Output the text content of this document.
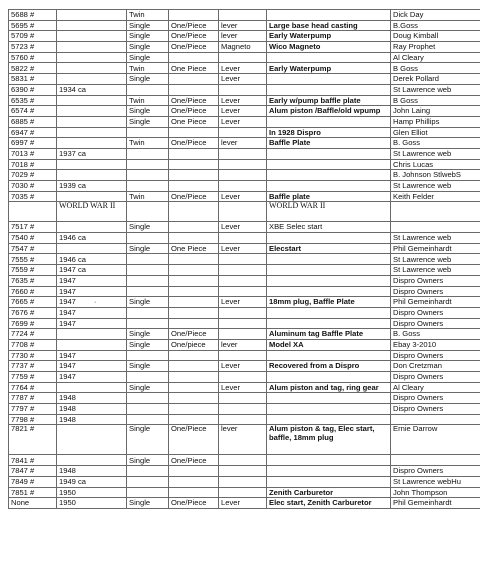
5688 #		Twin				Dick Day
5695 #		Single	One/Piece	lever	Large base head casting	B.Goss
5709 #		Single	One/Piece	lever	Early Waterpump	Doug Kimball
5723 #		Single	One/Piece	Magneto	Wico Magneto	Ray Prophet
5760 #		Single				Al Cleary
5822 #		Twin	One Piece	Lever	Early Waterpump	B Goss
5831 #		Single		Lever		Derek Pollard
6390 #	1934 ca					St Lawrence web
6535 #		Twin	One/Piece	Lever	Early w/pump baffle plate	B Goss
6574 #		Single	One/Piece	Lever	Alum piston /Baffle/old wpump	John Laing
6885 #		Single	One Piece	Lever		Hamp Phillips
6947 #					In 1928 Dispro	Glen Elliot
6997 #		Twin	One/Piece	lever	Baffle Plate	B. Goss
7013 #	1937 ca					St Lawrence web
7018 #						Chris Lucas
7029 #						B. Johnson StlwebS
7030 #	1939 ca					St Lawrence web
7035 #		Twin	One/Piece	Lever	Baffle plate	Keith Felder
	WORLD WAR II				WORLD WAR II	
7517 #		Single		Lever	XBE Selec start	
7540 #	1946 ca					St Lawrence web
7547 #		Single	One Piece	Lever	Elecstart	Phil Gemeinhardt
7555 #	1946 ca					St Lawrence web
7559 #	1947 ca					St Lawrence web
7635 #	1947					Dispro Owners
7660 #	1947					Dispro Owners
7665 #	1947 ·	Single		Lever	18mm plug, Baffle Plate	Phil Gemeinhardt
7676 #	1947					Dispro Owners
7699 #	1947					Dispro Owners
7724 #		Single	One/Piece		Aluminum tag Baffle Plate	B. Goss
7708 #		Single	One/piece	lever	Model XA	Ebay 3-2010
7730 #	1947					Dispro Owners
7737 #	1947	Single		Lever	Recovered from a Dispro	Don Cretzman
7759 #	1947					Dispro Owners
7764 #		Single		Lever	Alum piston and tag, ring gear	Al Cleary
7787 #	1948					Dispro Owners
7797 #	1948					Dispro Owners
7798 #	1948					
7821 #		Single	One/Piece	lever	Alum piston & tag, Elec start, baffle, 18mm plug	Ernie Darrow
7841 #		Single	One/Piece			
7847 #	1948					Dispro Owners
7849 #	1949 ca					St Lawrence webHu
7851 #	1950				Zenith Carburetor	John Thompson
None	1950	Single	One/Piece	Lever	Elec start, Zenith Carburetor	Phil Gemeinhardt
